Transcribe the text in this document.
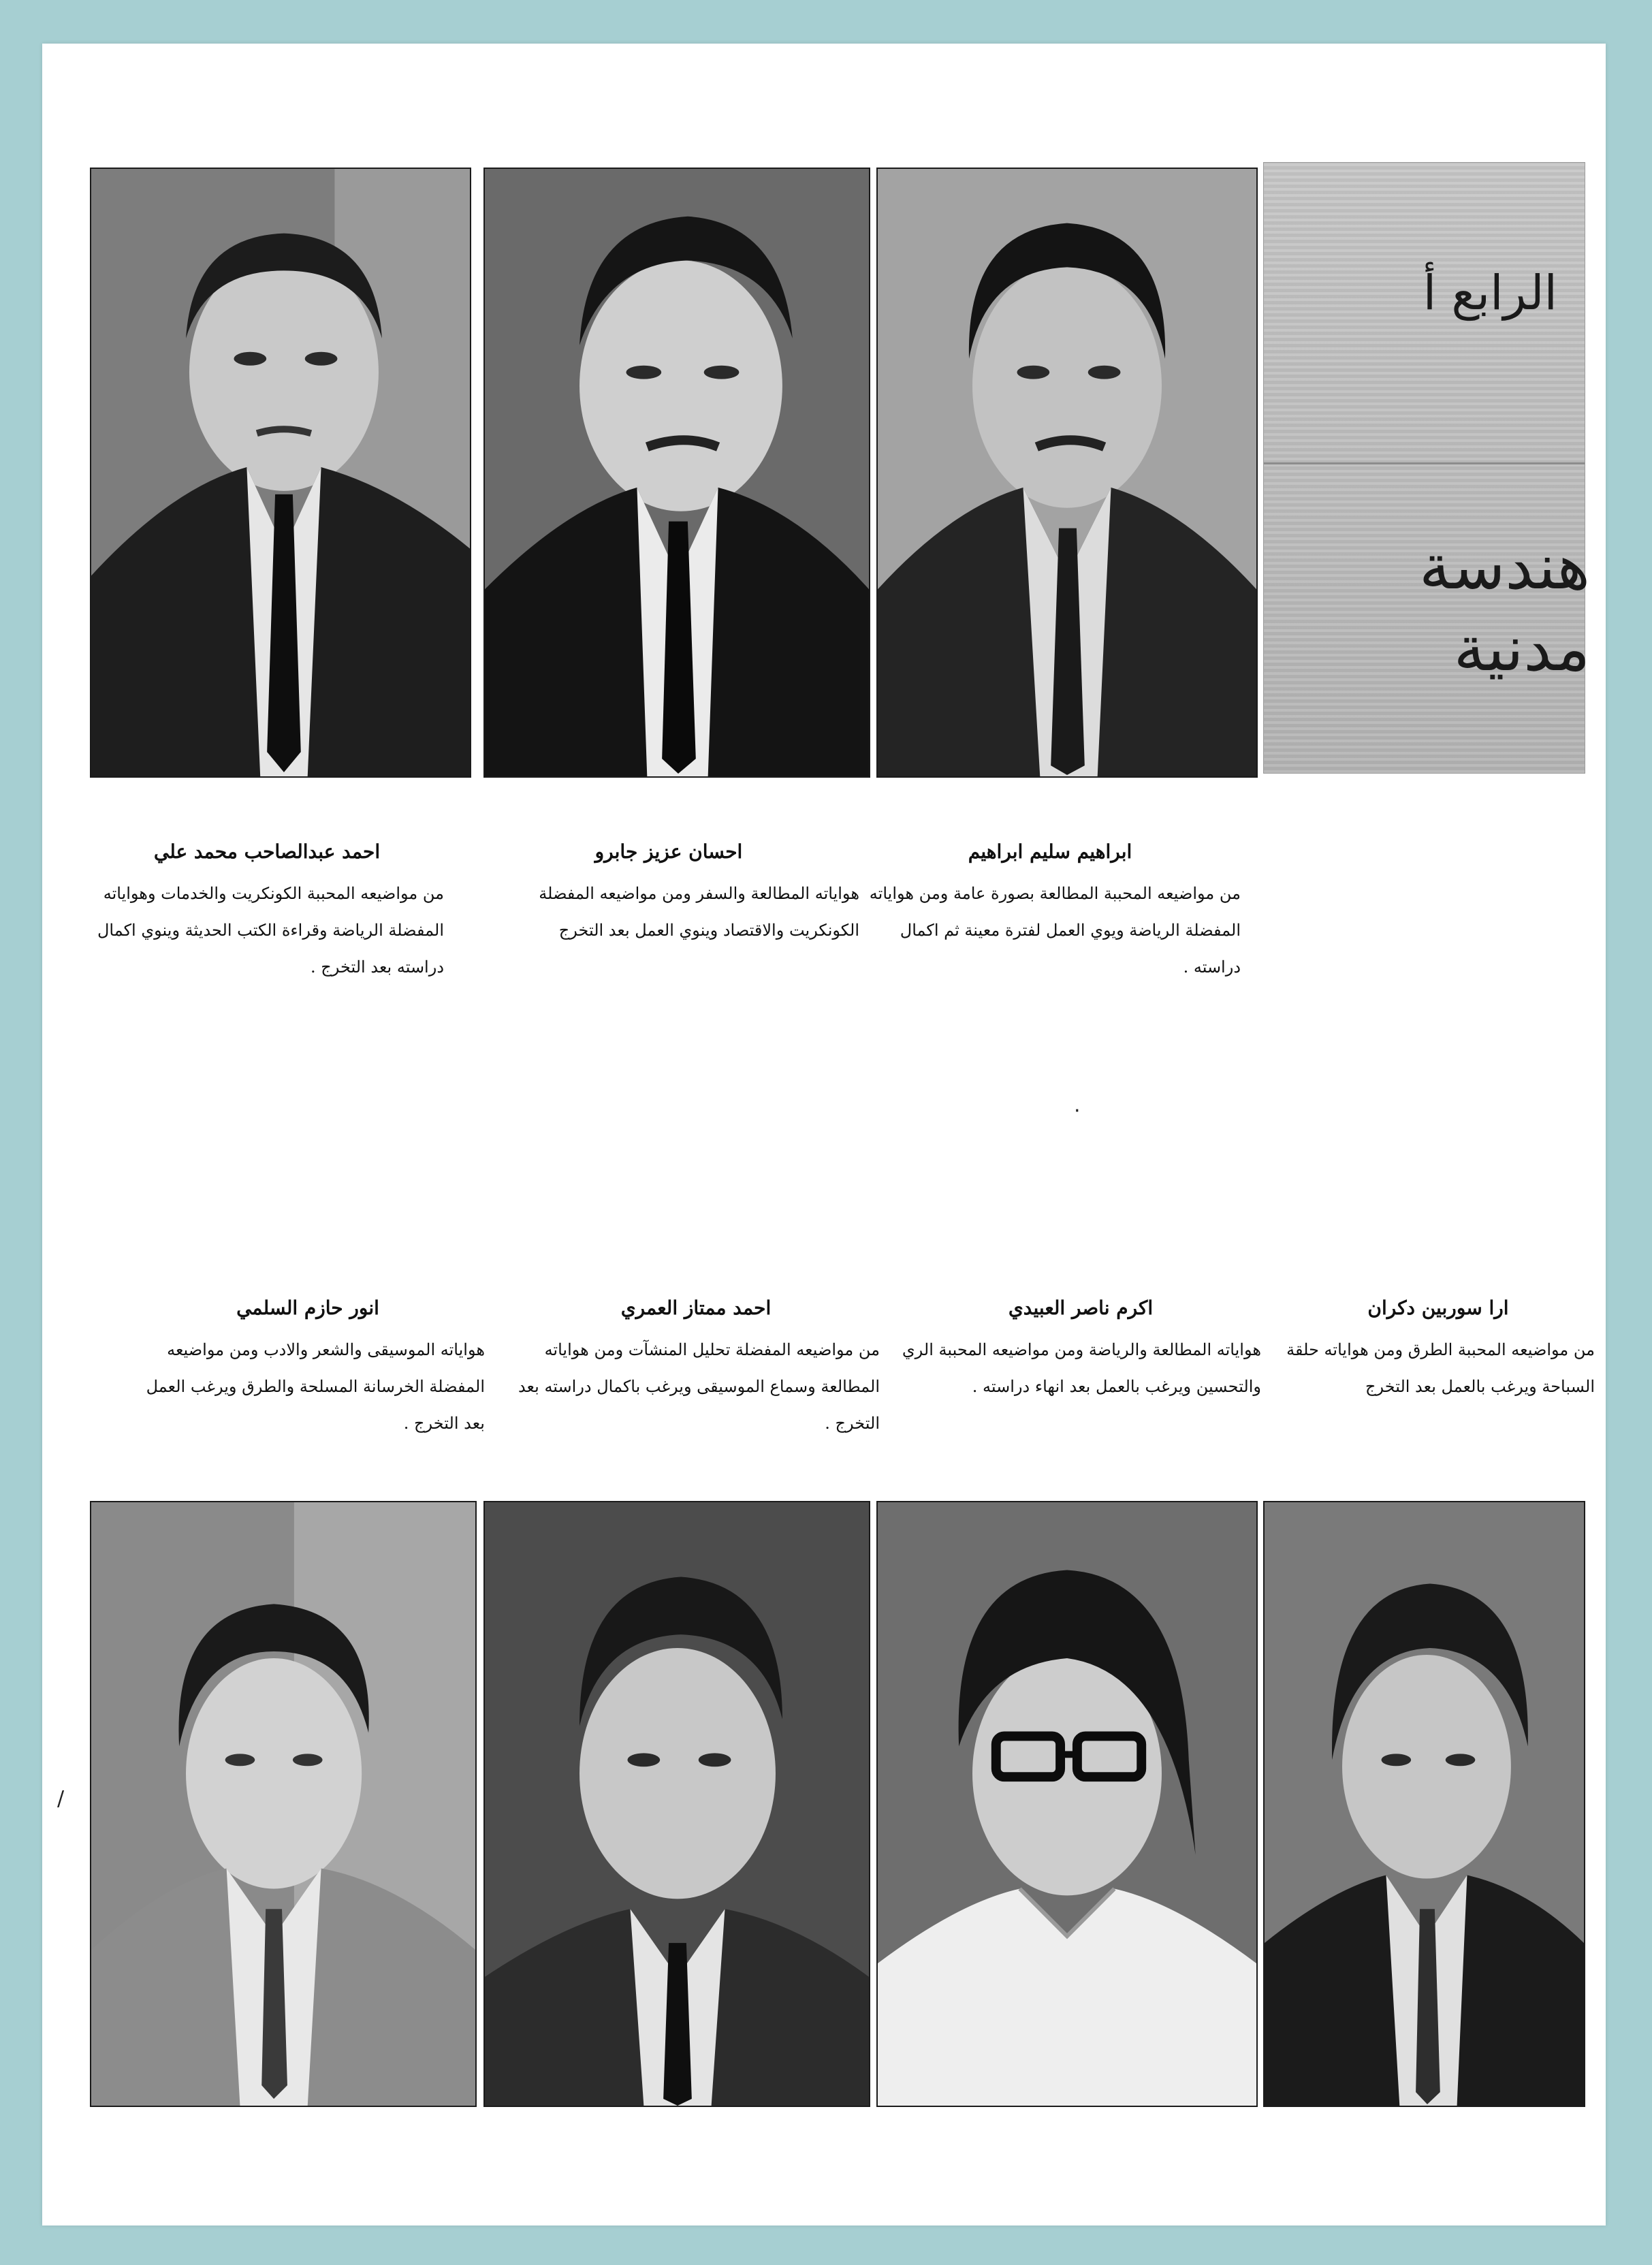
الرابع أ
هندسة
مدنية
ابراهيم سليم ابراهيم
من مواضيعه المحببة المطالعة بصورة عامة ومن هواياته المفضلة الرياضة ويوي العمل لفترة معينة ثم اكمال دراسته .
احسان عزيز جابرو
هواياته المطالعة والسفر ومن مواضيعه المفضلة الكونكريت والاقتصاد وينوي العمل بعد التخرج
احمد عبدالصاحب محمد علي
من مواضيعه المحببة الكونكريت والخدمات وهواياته المفضلة الرياضة وقراءة الكتب الحديثة وينوي اكمال دراسته بعد التخرج .
ارا سوربين دكران
من مواضيعه المحببة الطرق ومن هواياته حلقة السباحة ويرغب بالعمل بعد التخرج
اكرم ناصر العبيدي
هواياته المطالعة والرياضة ومن مواضيعه المحببة الري والتحسين ويرغب بالعمل بعد انهاء دراسته .
احمد ممتاز العمري
من مواضيعه المفضلة تحليل المنشآت ومن هواياته المطالعة وسماع الموسيقى ويرغب باكمال دراسته بعد التخرج .
انور حازم السلمي
هواياته الموسيقى والشعر والادب ومن مواضيعه المفضلة الخرسانة المسلحة والطرق ويرغب العمل بعد التخرج .
·
/
